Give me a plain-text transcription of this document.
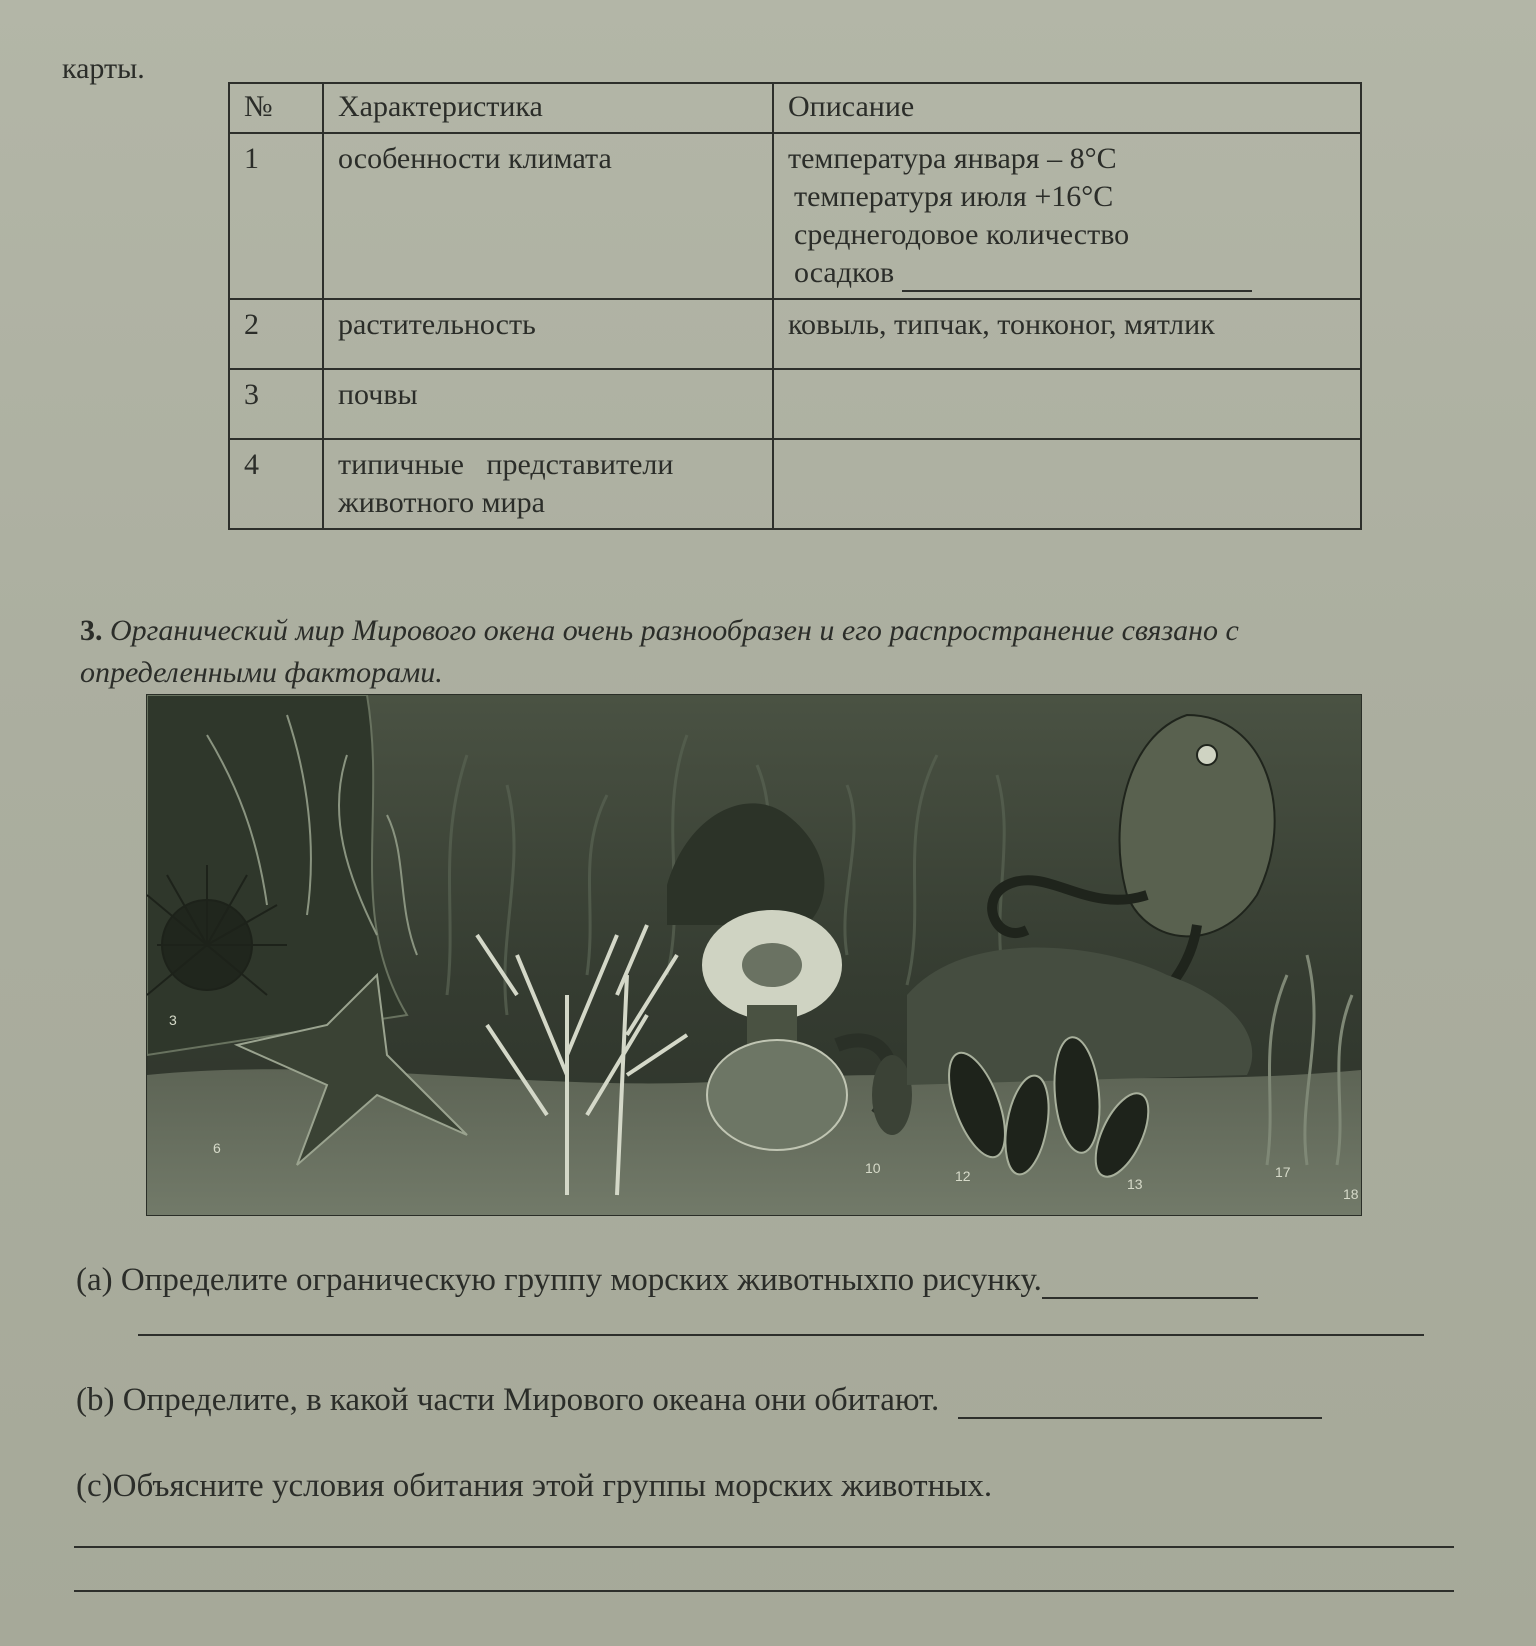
карты.
№	Характеристика	Описание
1	особенности климата	температура января – 8°C
температуря июля +16°C
среднегодовое количество
осадков

2	растительность	ковыль, типчак, тонконог, мятлик
3	почвы	
4	типичные   представители
животного мира	

3. Органический мир Мирового окена очень разнообразен и его распространение связано с определенными факторами.
3
6
10	12	13
17
18
(a) Определите ограническую группу морских животныхпо рисунку.
(b) Определите, в какой части Мирового океана они обитают.
(c)Объясните условия обитания этой группы морских животных.
